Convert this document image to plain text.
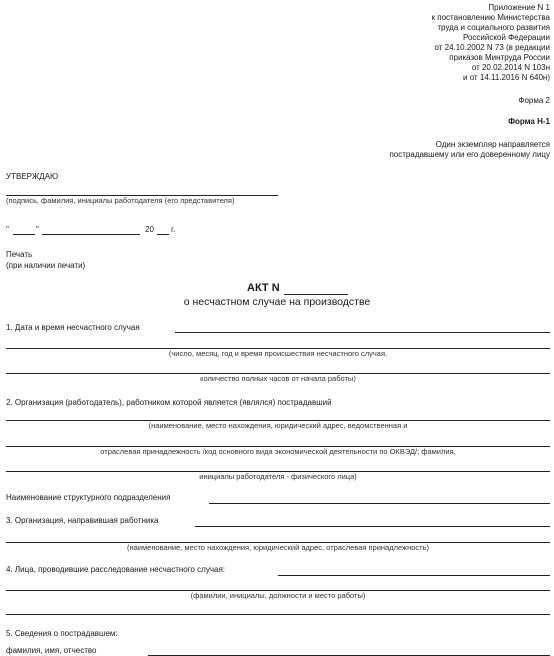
Приложение N 1
к постановлению Министерства
труда и социального развития
Российской Федерации
от 24.10.2002 N 73 (в редакции
приказов Минтруда России
от 20.02.2014 N 103н
и от 14.11.2016 N 640н)
Форма 2
Форма Н-1
Один экземпляр направляется
пострадавшему или его доверенному лицу
УТВЕРЖДАЮ
(подпись, фамилия, инициалы работодателя (его представителя)
"	"	20 г.
Печать
(при наличии печати)
АКТ N
о несчастном случае на производстве
1. Дата и время несчастного случая
(число, месяц, год и время происшествия несчастного случая,
количество полных часов от начала работы)
2. Организация (работодатель), работником которой является (являлся) пострадавший
(наименование, место нахождения, юридический адрес, ведомственная и
отраслевая принадлежность /код основного вида экономической деятельности по ОКВЭД/; фамилия,
инициалы работодателя - физического лица)
Наименование структурного подразделения
3. Организация, направившая работника
(наименование, место нахождения, юридический адрес, отраслевая принадлежность)
4. Лица, проводившие расследование несчастного случая:
(фамилии, инициалы, должности и место работы)
5. Сведения о пострадавшем:
фамилия, имя, отчество
